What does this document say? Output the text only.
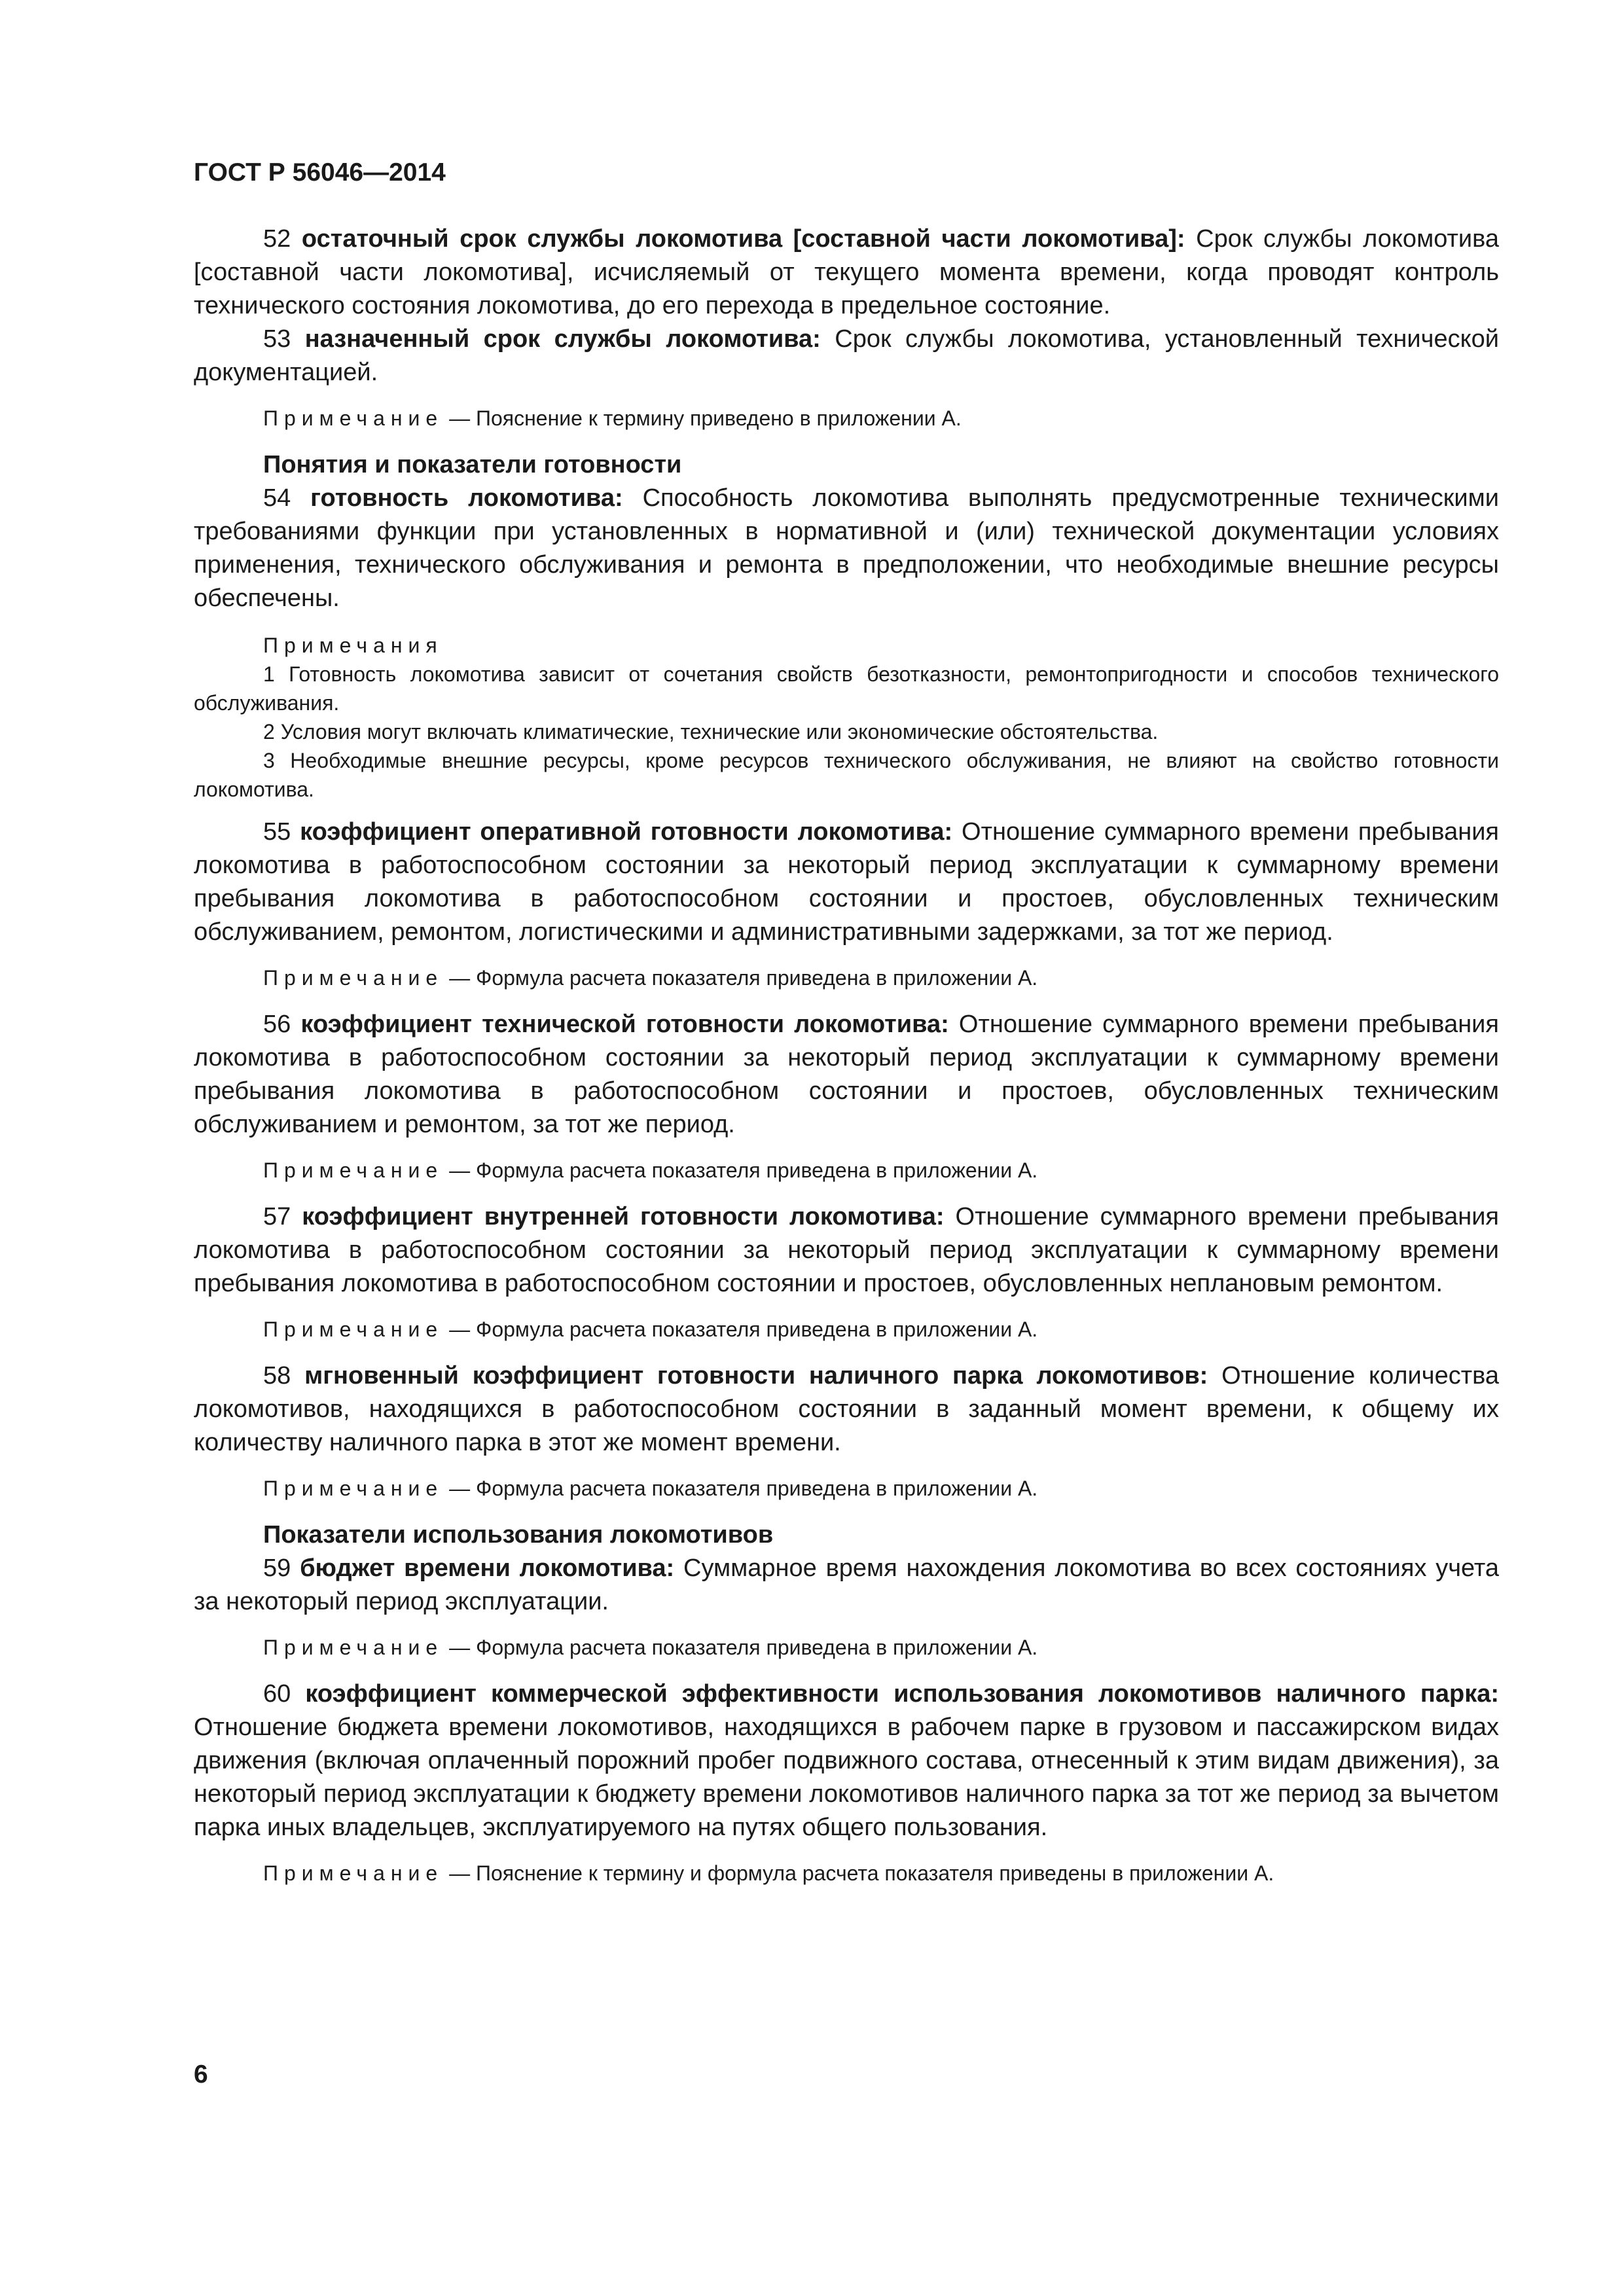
ГОСТ Р 56046—2014

52 остаточный срок службы локомотива [составной части локомотива]: Срок службы локомотива [составной части локомотива], исчисляемый от текущего момента времени, когда проводят контроль технического состояния локомотива, до его перехода в предельное состояние.

53 назначенный срок службы локомотива: Срок службы локомотива, установленный технической документацией.

Примечание — Пояснение к термину приведено в приложении А.

Понятия и показатели готовности

54 готовность локомотива: Способность локомотива выполнять предусмотренные техническими требованиями функции при установленных в нормативной и (или) технической документации условиях применения, технического обслуживания и ремонта в предположении, что необходимые внешние ресурсы обеспечены.

Примечания

1 Готовность локомотива зависит от сочетания свойств безотказности, ремонтопригодности и способов технического обслуживания.

2 Условия могут включать климатические, технические или экономические обстоятельства.

3 Необходимые внешние ресурсы, кроме ресурсов технического обслуживания, не влияют на свойство готовности локомотива.

55 коэффициент оперативной готовности локомотива: Отношение суммарного времени пребывания локомотива в работоспособном состоянии за некоторый период эксплуатации к суммарному времени пребывания локомотива в работоспособном состоянии и простоев, обусловленных техническим обслуживанием, ремонтом, логистическими и административными задержками, за тот же период.

Примечание — Формула расчета показателя приведена в приложении А.

56 коэффициент технической готовности локомотива: Отношение суммарного времени пребывания локомотива в работоспособном состоянии за некоторый период эксплуатации к суммарному времени пребывания локомотива в работоспособном состоянии и простоев, обусловленных техническим обслуживанием и ремонтом, за тот же период.

Примечание — Формула расчета показателя приведена в приложении А.

57 коэффициент внутренней готовности локомотива: Отношение суммарного времени пребывания локомотива в работоспособном состоянии за некоторый период эксплуатации к суммарному времени пребывания локомотива в работоспособном состоянии и простоев, обусловленных неплановым ремонтом.

Примечание — Формула расчета показателя приведена в приложении А.

58 мгновенный коэффициент готовности наличного парка локомотивов: Отношение количества локомотивов, находящихся в работоспособном состоянии в заданный момент времени, к общему их количеству наличного парка в этот же момент времени.

Примечание — Формула расчета показателя приведена в приложении А.

Показатели использования локомотивов

59 бюджет времени локомотива: Суммарное время нахождения локомотива во всех состояниях учета за некоторый период эксплуатации.

Примечание — Формула расчета показателя приведена в приложении А.

60 коэффициент коммерческой эффективности использования локомотивов наличного парка: Отношение бюджета времени локомотивов, находящихся в рабочем парке в грузовом и пассажирском видах движения (включая оплаченный порожний пробег подвижного состава, отнесенный к этим видам движения), за некоторый период эксплуатации к бюджету времени локомотивов наличного парка за тот же период за вычетом парка иных владельцев, эксплуатируемого на путях общего пользования.

Примечание — Пояснение к термину и формула расчета показателя приведены в приложении А.

6
